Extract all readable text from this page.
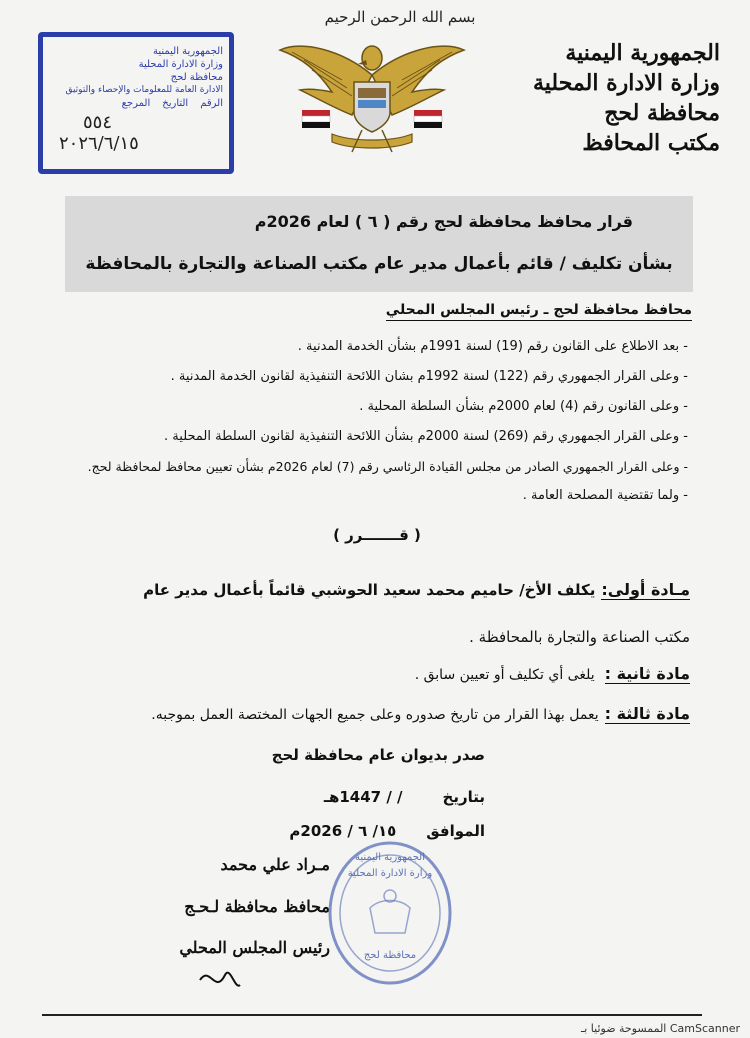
بسم الله الرحمن الرحيم
الجمهورية اليمنية
وزارة الادارة المحلية
محافظة لحج
مكتب المحافظ
الجمهورية اليمنية
وزارة الادارة المحلية
محافظة لحج
الادارة العامة للمعلومات والإحصاء والتوثيق
الرقم
التاريخ
المرجع
٥٥٤
٢٠٢٦/٦/١٥
قرار محافظ محافظة لحج رقم ( ٦ ) لعام 2026م
بشأن تكليف / قائم بأعمال مدير عام مكتب الصناعة والتجارة بالمحافظة
محافظ محافظة لحج ـ رئيس المجلس المحلي
- بعد الاطلاع على القانون رقم (19) لسنة 1991م بشأن الخدمة المدنية .
- وعلى القرار الجمهوري رقم (122) لسنة 1992م بشان اللائحة التنفيذية لقانون الخدمة المدنية .
- وعلى القانون رقم (4) لعام 2000م بشأن السلطة المحلية .
- وعلى القرار الجمهوري رقم (269) لسنة 2000م بشأن اللائحة التنفيذية لقانون السلطة المحلية .
- وعلى القرار الجمهوري الصادر من مجلس القيادة الرئاسي رقم (7) لعام 2026م بشأن تعيين محافظ لمحافظة لحج.
- ولما تقتضية المصلحة العامة .
( قـــــــرر )
مـادة أولى:
يكلف الأخ/ حاميم محمد سعيد الحوشبي قائماً بأعمال مدير عام
مكتب الصناعة والتجارة بالمحافظة .
مادة ثانية :
يلغى أي تكليف أو تعيين سابق .
مادة ثالثة :
يعمل بهذا القرار من تاريخ صدوره وعلى جميع الجهات المختصة العمل بموجبه.
صدر بديوان عام محافظة لحج
بتاريخ
/ / 1447هـ
الموافق
١٥/ ٦ / 2026م
مـراد علي محمد
محافظ محافظة لـحـج
رئيس المجلس المحلي
الجمهورية اليمنية
وزارة الادارة المحلية
محافظة لحج
الممسوحة ضوئيا بـ CamScanner
